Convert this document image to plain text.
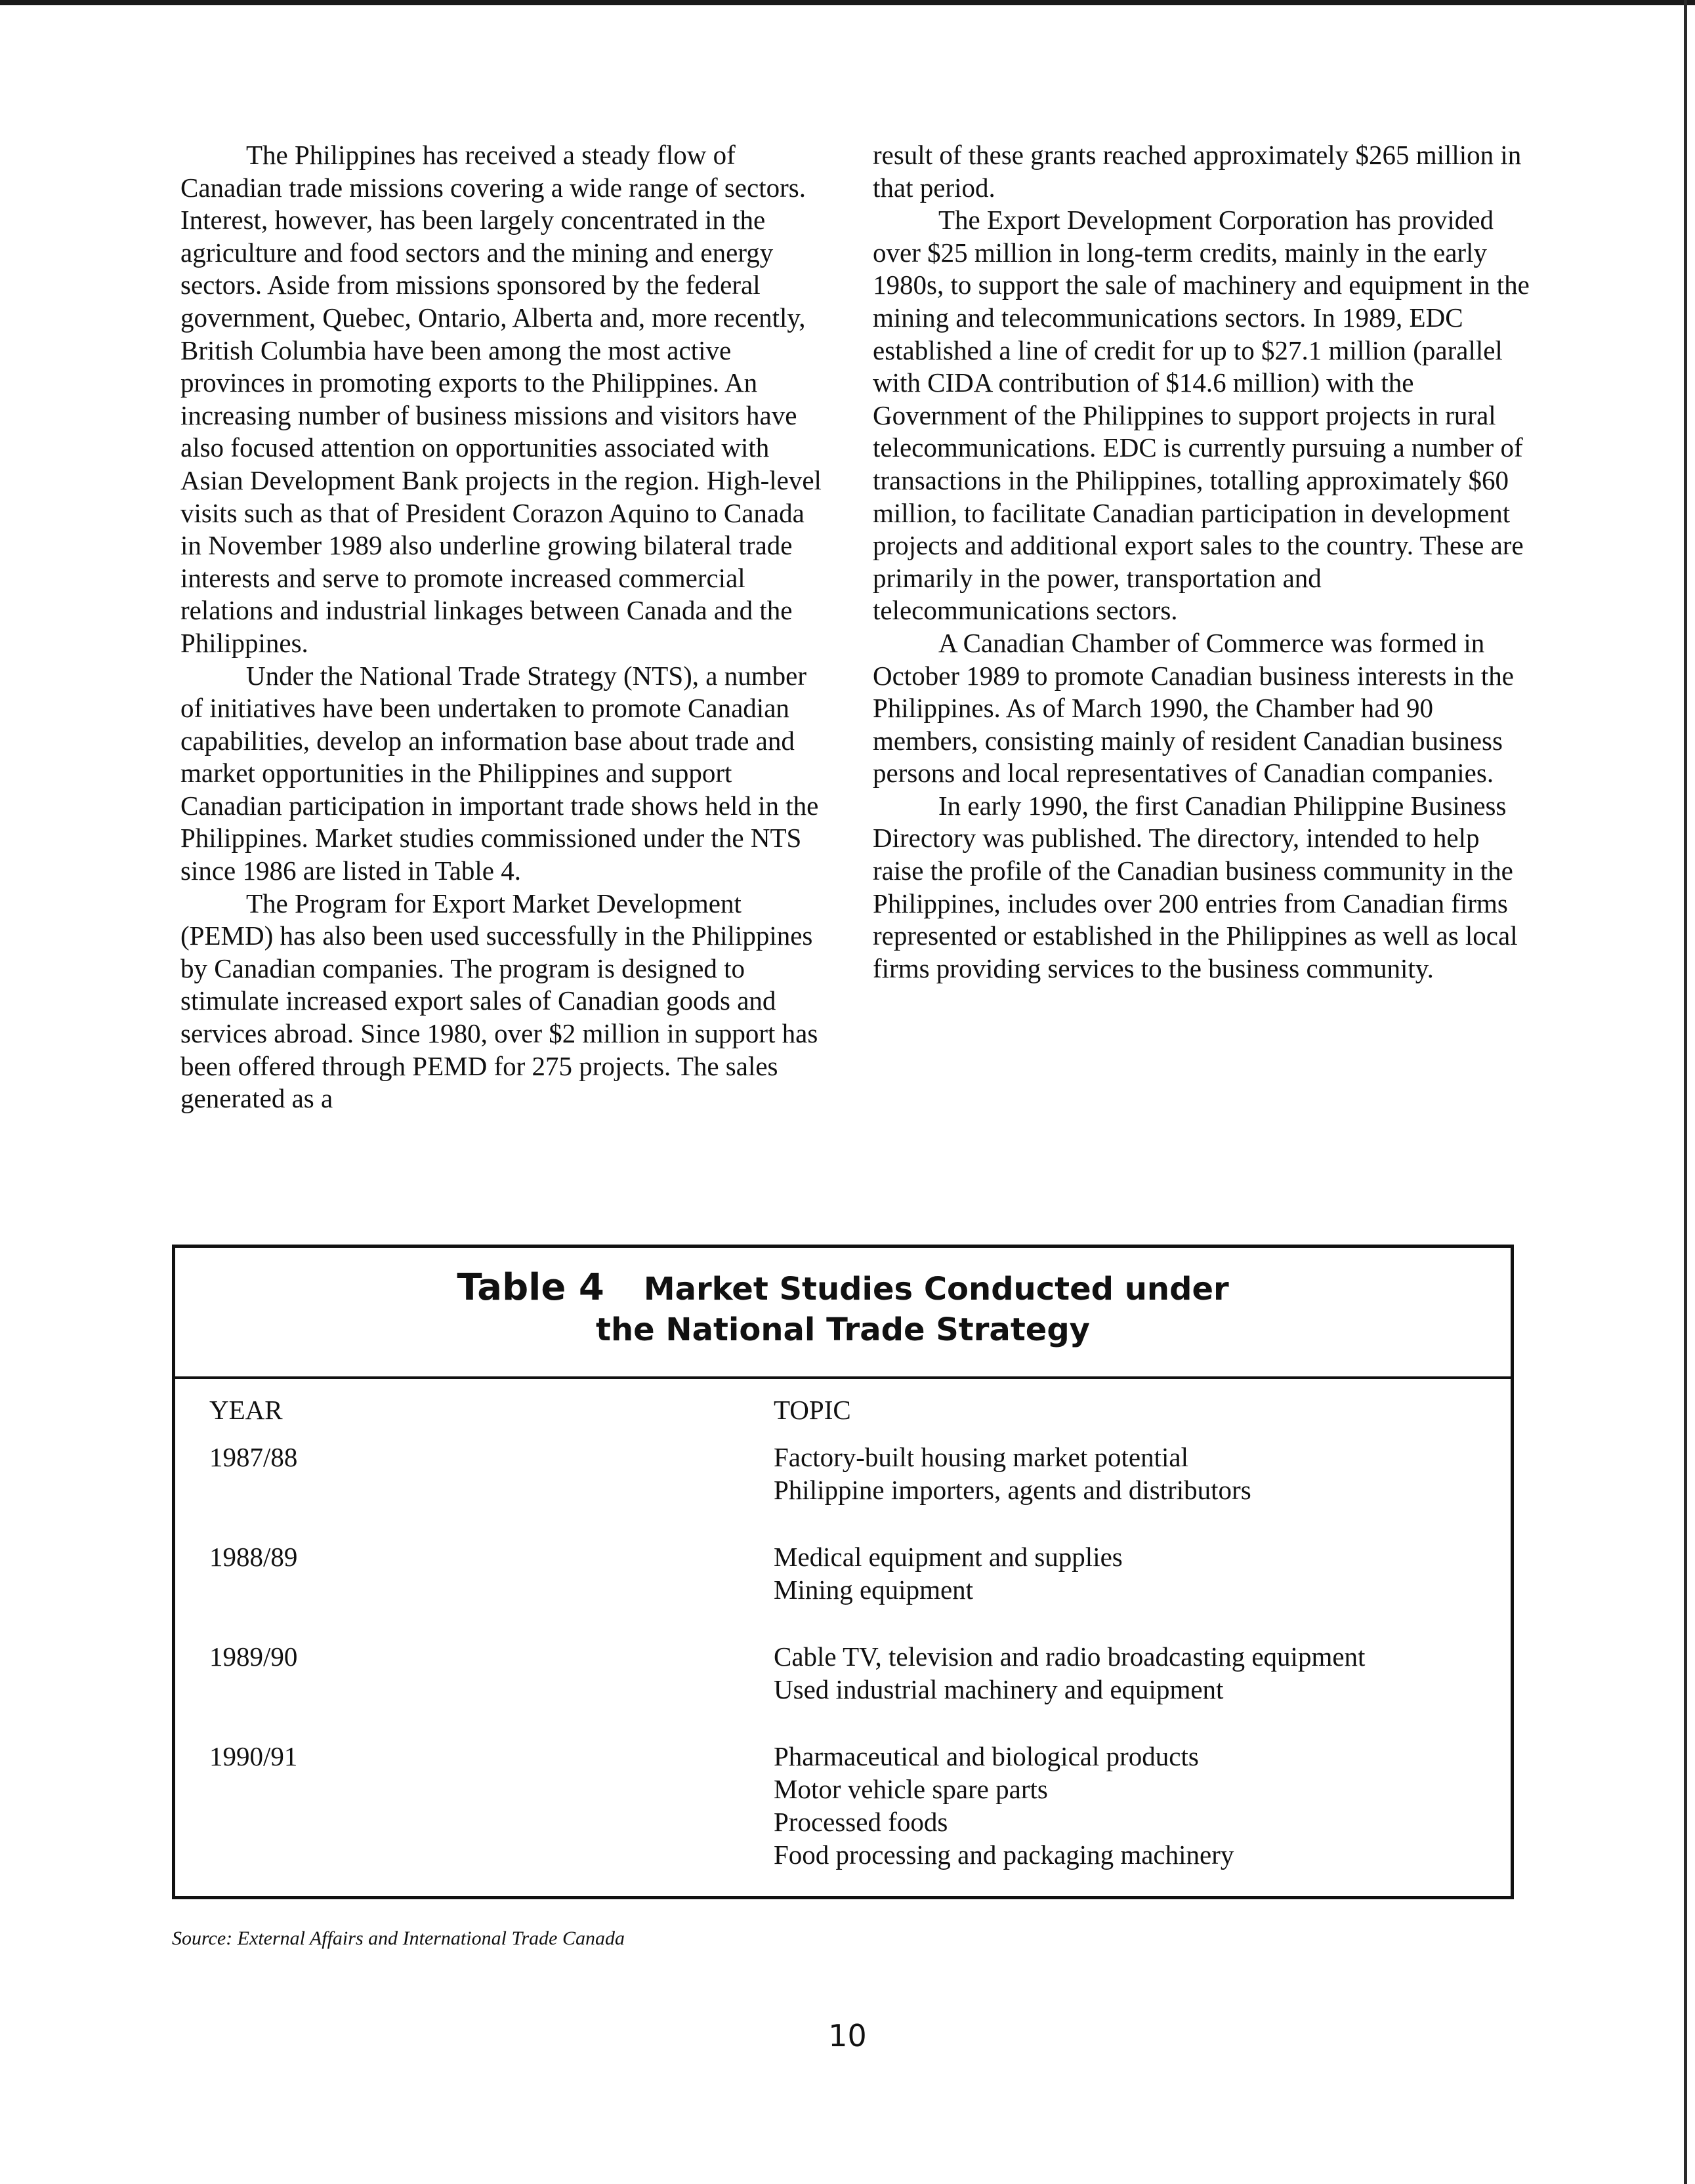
The Philippines has received a steady flow of Canadian trade missions covering a wide range of sectors. Interest, however, has been largely concentrated in the agriculture and food sectors and the mining and energy sectors. Aside from missions sponsored by the federal government, Quebec, Ontario, Alberta and, more recently, British Columbia have been among the most active provinces in promoting exports to the Philippines. An increasing number of business missions and visitors have also focused attention on opportunities associated with Asian Development Bank projects in the region. High-level visits such as that of President Corazon Aquino to Canada in November 1989 also underline growing bilateral trade interests and serve to promote increased commercial relations and industrial linkages between Canada and the Philippines.

Under the National Trade Strategy (NTS), a number of initiatives have been undertaken to promote Canadian capabilities, develop an information base about trade and market opportunities in the Philippines and support Canadian participation in important trade shows held in the Philippines. Market studies commissioned under the NTS since 1986 are listed in Table 4.

The Program for Export Market Development (PEMD) has also been used successfully in the Philippines by Canadian companies. The program is designed to stimulate increased export sales of Canadian goods and services abroad. Since 1980, over $2 million in support has been offered through PEMD for 275 projects. The sales generated as a

result of these grants reached approximately $265 million in that period.

The Export Development Corporation has provided over $25 million in long-term credits, mainly in the early 1980s, to support the sale of machinery and equipment in the mining and telecommunications sectors. In 1989, EDC established a line of credit for up to $27.1 million (parallel with CIDA contribution of $14.6 million) with the Government of the Philippines to support projects in rural telecommunications. EDC is currently pursuing a number of transactions in the Philippines, totalling approximately $60 million, to facilitate Canadian participation in development projects and additional export sales to the country. These are primarily in the power, transportation and telecommunications sectors.

A Canadian Chamber of Commerce was formed in October 1989 to promote Canadian business interests in the Philippines. As of March 1990, the Chamber had 90 members, consisting mainly of resident Canadian business persons and local representatives of Canadian companies.

In early 1990, the first Canadian Philippine Business Directory was published. The directory, intended to help raise the profile of the Canadian business community in the Philippines, includes over 200 entries from Canadian firms represented or established in the Philippines as well as local firms providing services to the business community.

Table 4 Market Studies Conducted under
the National Trade Strategy
YEAR	TOPIC
1987/88	Factory-built housing market potential
Philippine importers, agents and distributors
1988/89	Medical equipment and supplies
Mining equipment
1989/90	Cable TV, television and radio broadcasting equipment
Used industrial machinery and equipment
1990/91	Pharmaceutical and biological products
Motor vehicle spare parts
Processed foods
Food processing and packaging machinery
Source: External Affairs and International Trade Canada
10
